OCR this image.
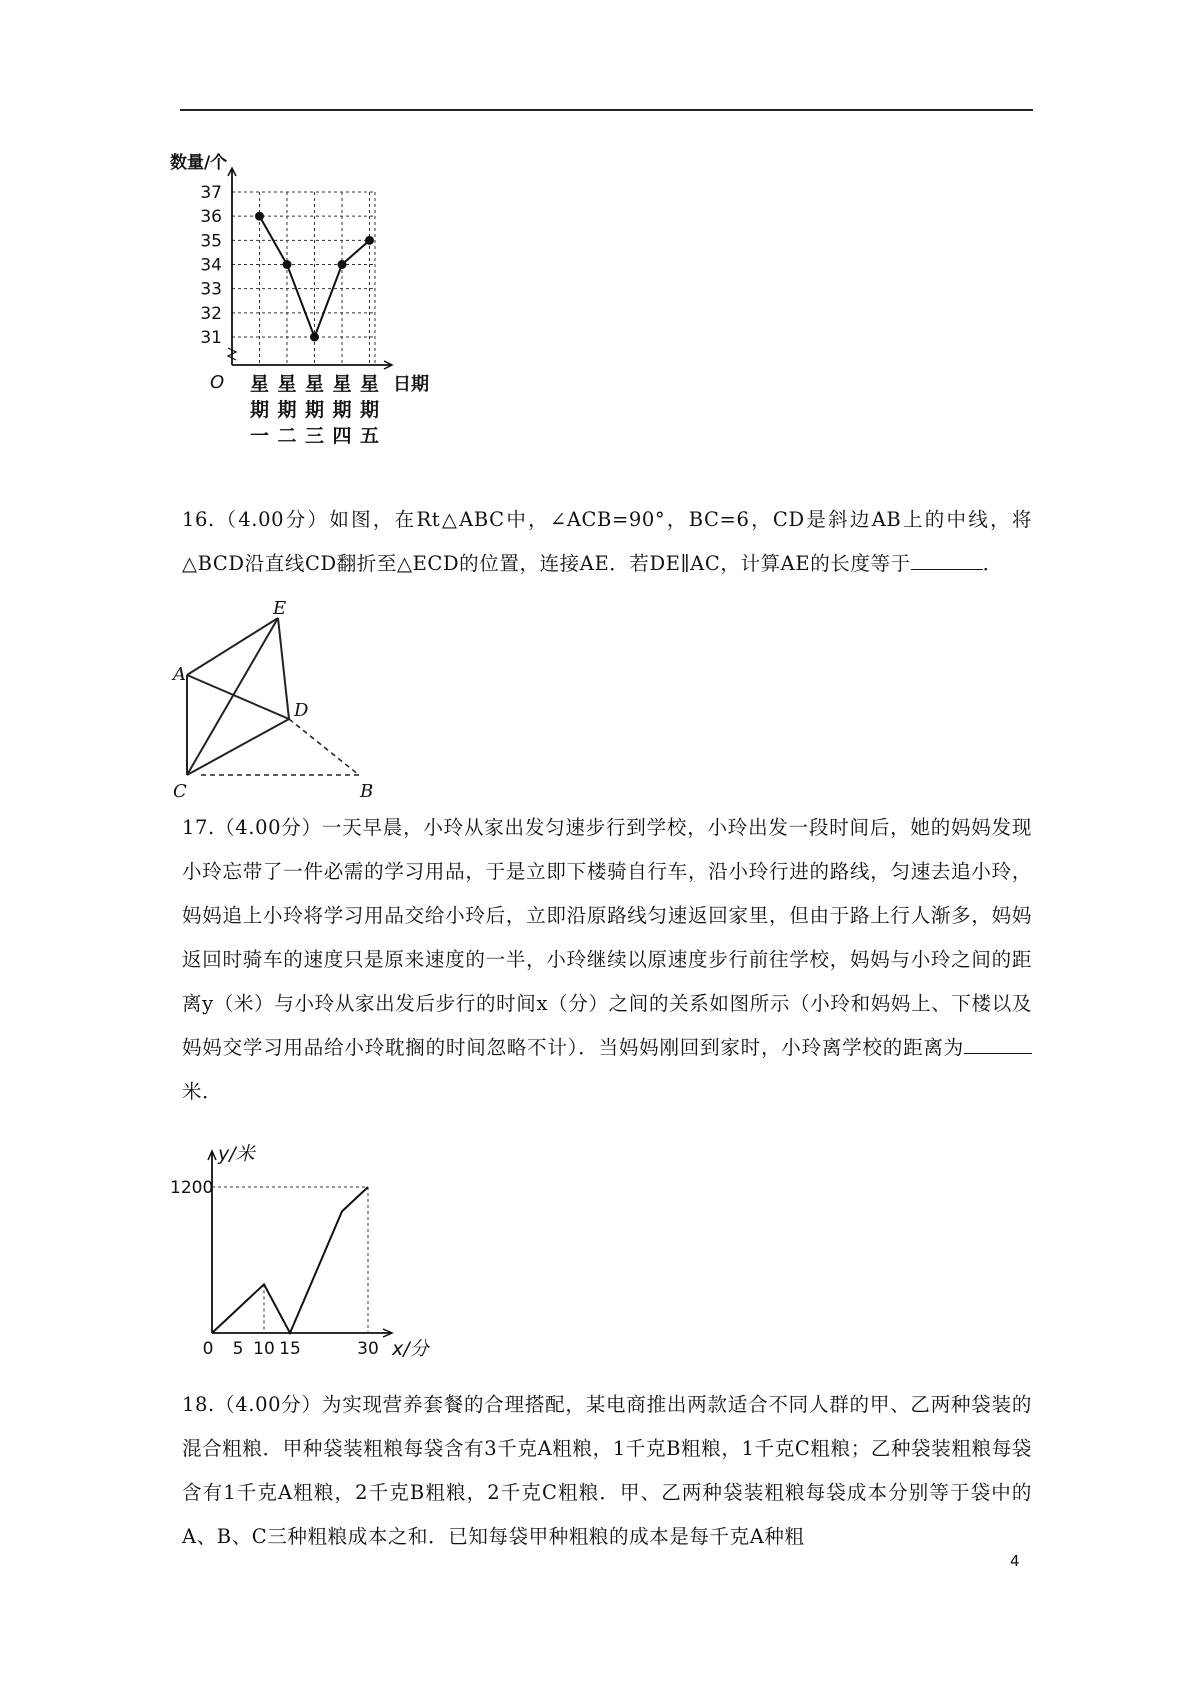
数量/个
日期
O
31
32
33
34
35
36
37
星
期
一
星
期
二
星
期
三
星
期
四
星
期
五

16.（4.00分）如图，在Rt△ABC中，∠ACB=90°，BC=6，CD是斜边AB上的中线，将△BCD沿直线CD翻折至△ECD的位置，连接AE．若DE∥AC，计算AE的长度等于	．

E
A
D
C	B

17.（4.00分）一天早晨，小玲从家出发匀速步行到学校，小玲出发一段时间后，她的妈妈发现小玲忘带了一件必需的学习用品，于是立即下楼骑自行车，沿小玲行进的路线，匀速去追小玲，妈妈追上小玲将学习用品交给小玲后，立即沿原路线匀速返回家里，但由于路上行人渐多，妈妈返回时骑车的速度只是原来速度的一半，小玲继续以原速度步行前往学校，妈妈与小玲之间的距离y（米）与小玲从家出发后步行的时间x（分）之间的关系如图所示（小玲和妈妈上、下楼以及妈妈交学习用品给小玲耽搁的时间忽略不计）．当妈妈刚回到家时，小玲离学校的距离为米．

y/米
x/分
1200
0 5 10 15	30

18.（4.00分）为实现营养套餐的合理搭配，某电商推出两款适合不同人群的甲、乙两种袋装的混合粗粮．甲种袋装粗粮每袋含有3千克A粗粮，1千克B粗粮，1千克C粗粮；乙种袋装粗粮每袋含有1千克A粗粮，2千克B粗粮，2千克C粗粮．甲、乙两种袋装粗粮每袋成本分别等于袋中的A、B、C三种粗粮成本之和．已知每袋甲种粗粮的成本是每千克A种粗

4
